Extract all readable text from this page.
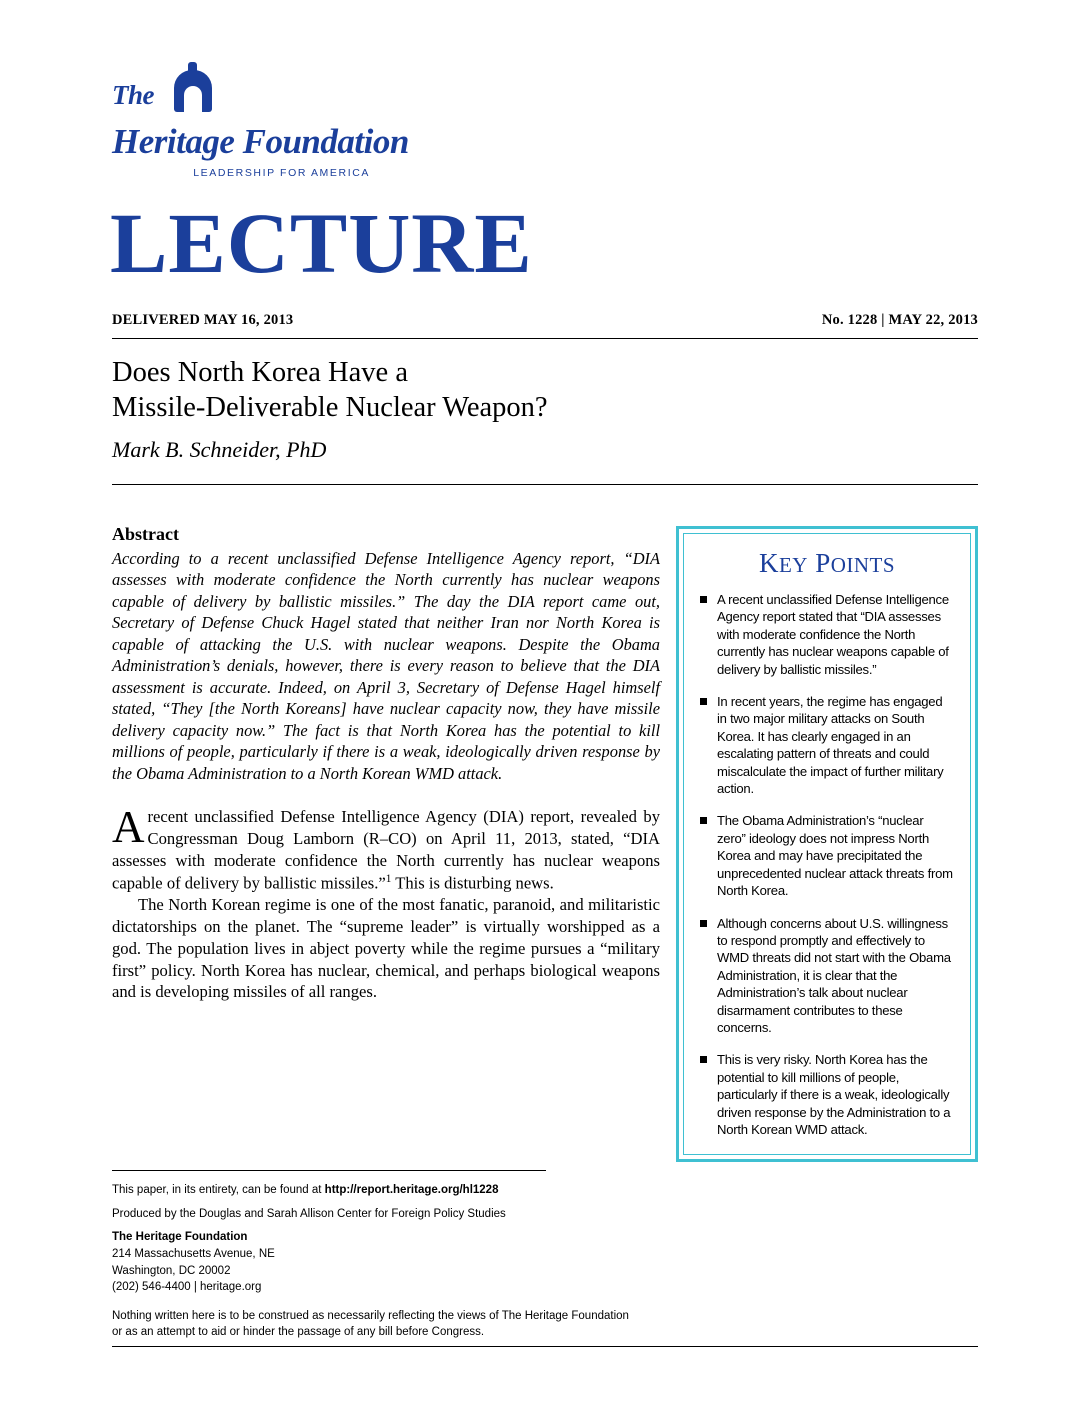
The
Heritage Foundation
LEADERSHIP FOR AMERICA
LECTURE
DELIVERED MAY 16, 2013	No. 1228 | MAY 22, 2013
Does North Korea Have a
Missile-Deliverable Nuclear Weapon?
Mark B. Schneider, PhD
Abstract
According to a recent unclassified Defense Intelligence Agency report, “DIA assesses with moderate confidence the North currently has nuclear weapons capable of delivery by ballistic missiles.” The day the DIA report came out, Secretary of Defense Chuck Hagel stated that neither Iran nor North Korea is capable of attacking the U.S. with nuclear weapons. Despite the Obama Administration’s denials, however, there is every reason to believe that the DIA assessment is accurate. Indeed, on April 3, Secretary of Defense Hagel himself stated, “They [the North Koreans] have nuclear capacity now, they have missile delivery capacity now.” The fact is that North Korea has the potential to kill millions of people, particularly if there is a weak, ideologically driven response by the Obama Administration to a North Korean WMD attack.
A recent unclassified Defense Intelligence Agency (DIA) report, revealed by Congressman Doug Lamborn (R–CO) on April 11, 2013, stated, “DIA assesses with moderate confidence the North currently has nuclear weapons capable of delivery by ballistic missiles.”$^1$ This is disturbing news.
The North Korean regime is one of the most fanatic, paranoid, and militaristic dictatorships on the planet. The “supreme leader” is virtually worshipped as a god. The population lives in abject poverty while the regime pursues a “military first” policy. North Korea has nuclear, chemical, and perhaps biological weapons and is developing missiles of all ranges.
This paper, in its entirety, can be found at http://report.heritage.org/hl1228
Produced by the Douglas and Sarah Allison Center for Foreign Policy Studies
The Heritage Foundation
214 Massachusetts Avenue, NE
Washington, DC 20002
(202) 546-4400 | heritage.org
Nothing written here is to be construed as necessarily reflecting the views of The Heritage Foundation or as an attempt to aid or hinder the passage of any bill before Congress.
KEY POINTS
A recent unclassified Defense Intelligence Agency report stated that “DIA assesses with moderate confidence the North currently has nuclear weapons capable of delivery by ballistic missiles.”
In recent years, the regime has engaged in two major military attacks on South Korea. It has clearly engaged in an escalating pattern of threats and could miscalculate the impact of further military action.
The Obama Administration’s “nuclear zero” ideology does not impress North Korea and may have precipitated the unprecedented nuclear attack threats from North Korea.
Although concerns about U.S. willingness to respond promptly and effectively to WMD threats did not start with the Obama Administration, it is clear that the Administration’s talk about nuclear disarmament contributes to these concerns.
This is very risky. North Korea has the potential to kill millions of people, particularly if there is a weak, ideologically driven response by the Administration to a North Korean WMD attack.
